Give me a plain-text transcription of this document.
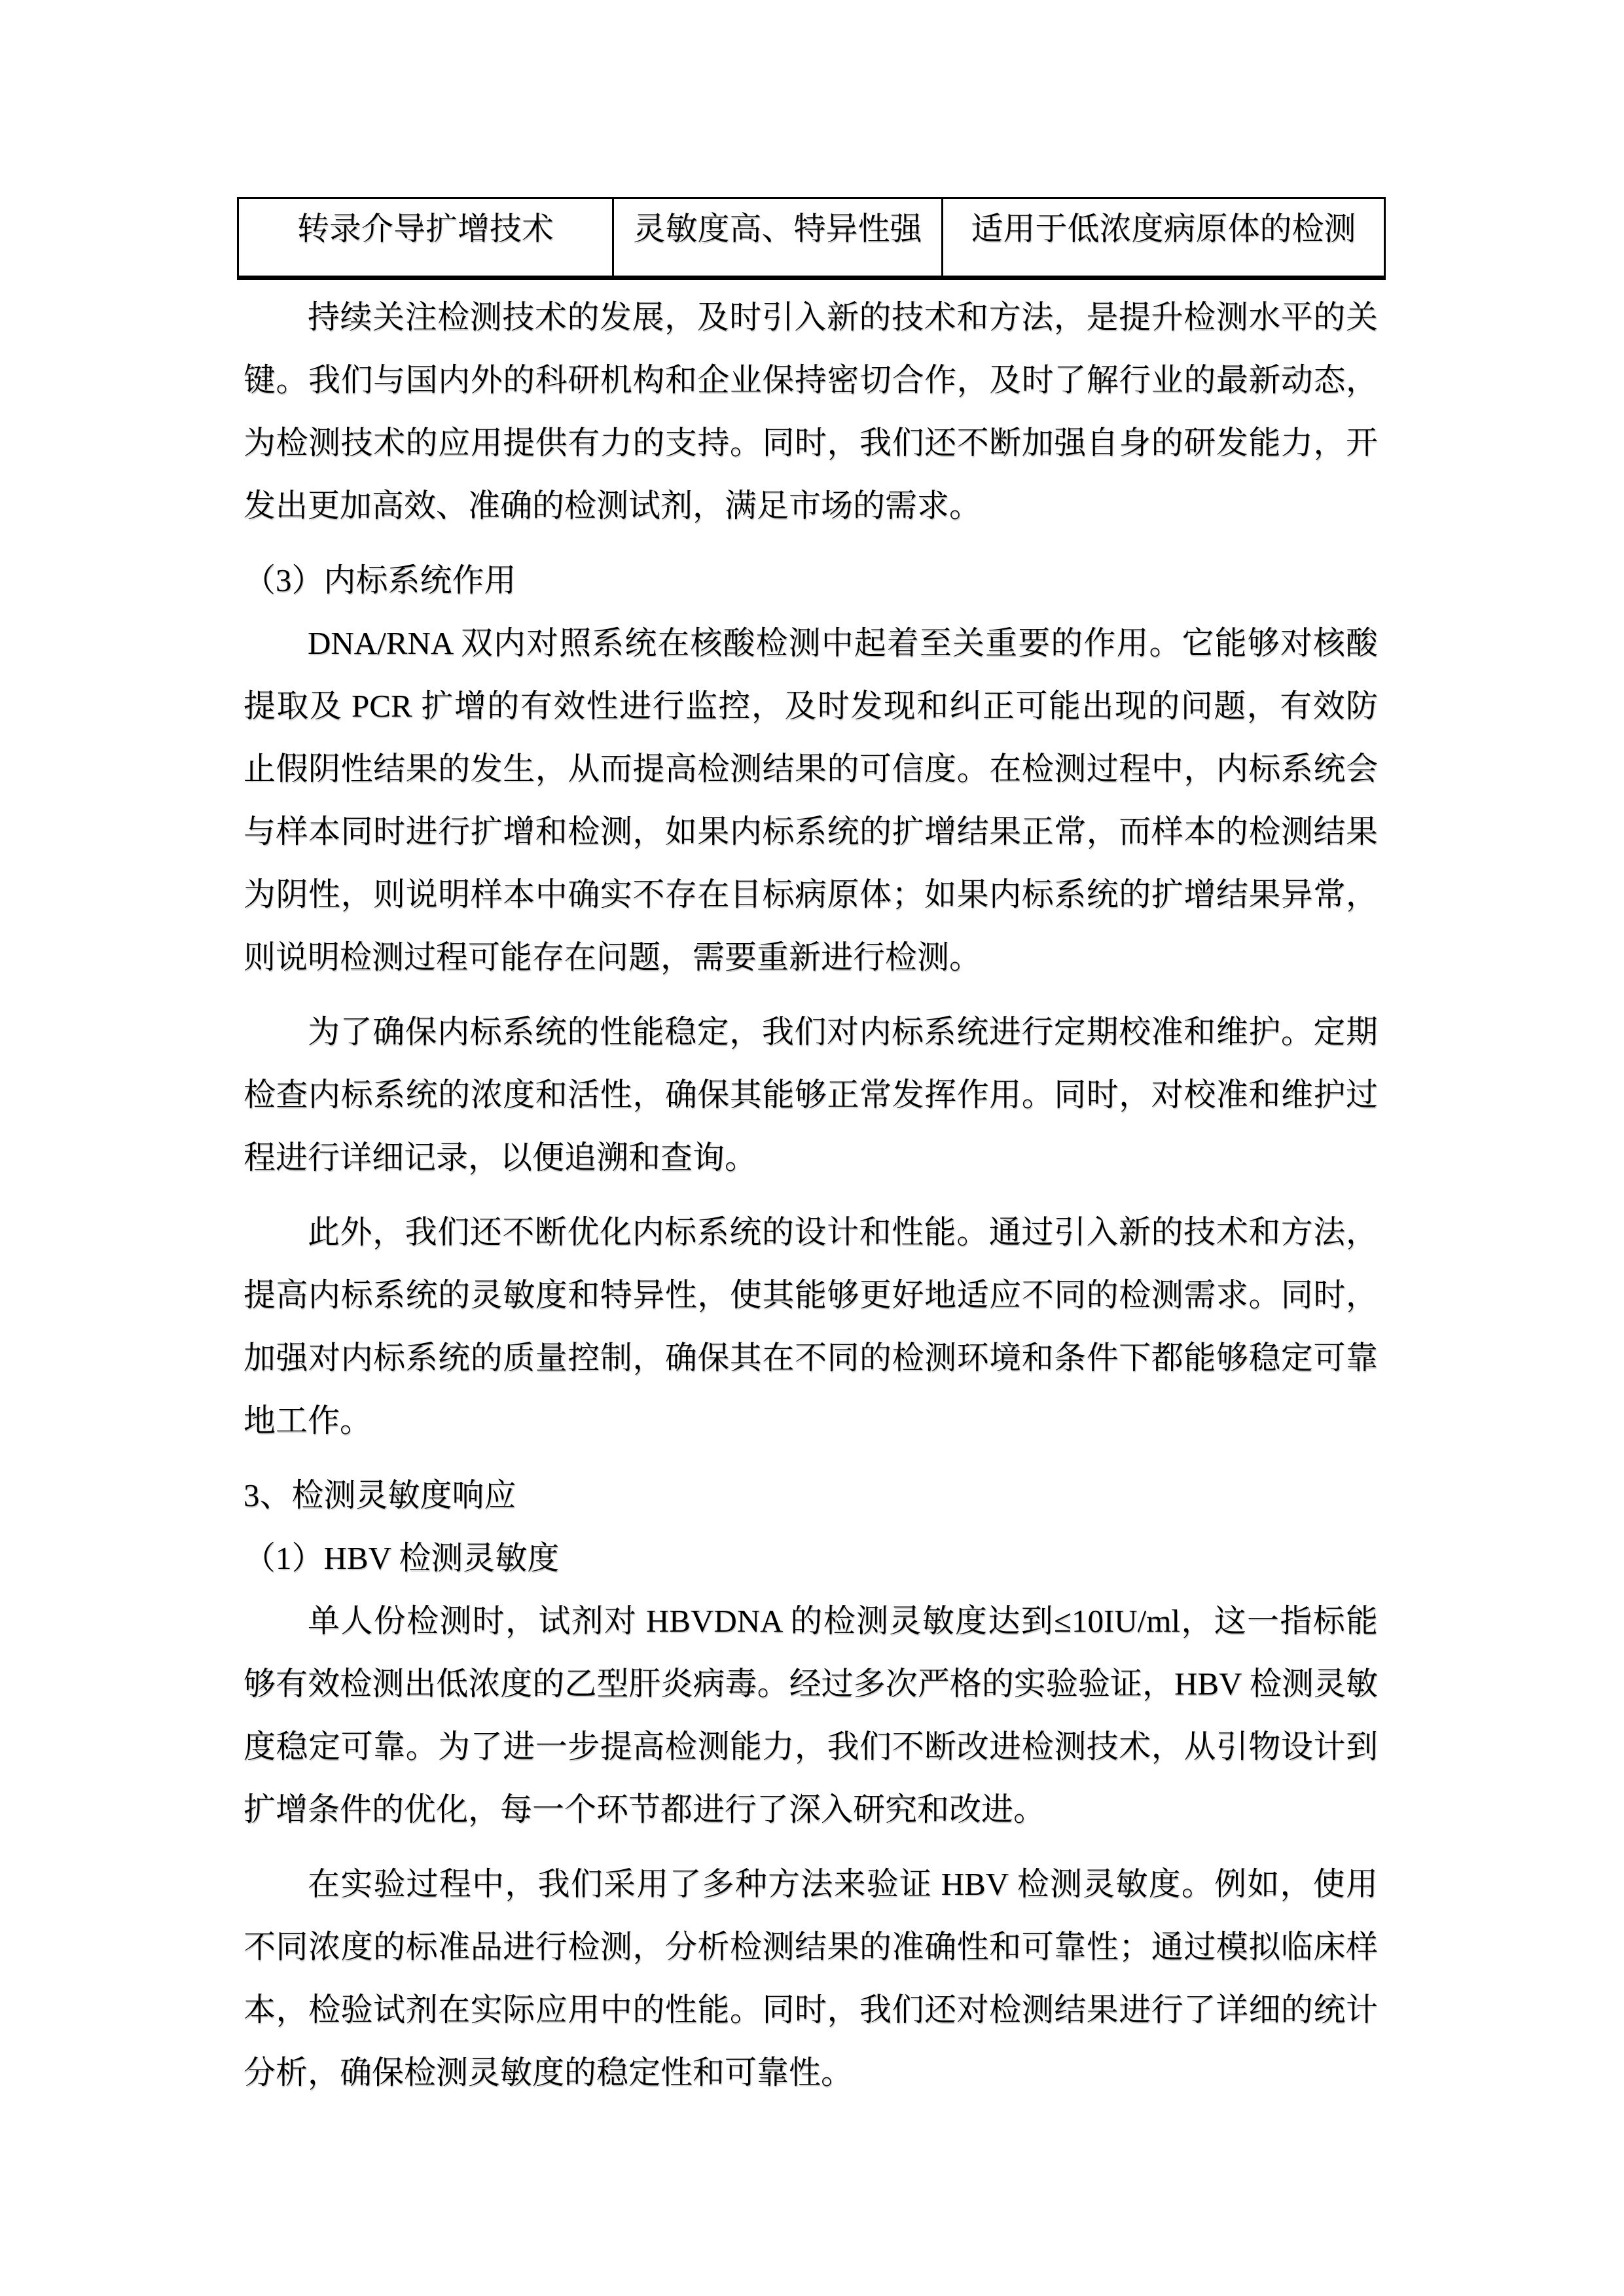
转录介导扩增技术	灵敏度高、特异性强	适用于低浓度病原体的检测

持续关注检测技术的发展，及时引入新的技术和方法，是提升检测水平的关键。我们与国内外的科研机构和企业保持密切合作，及时了解行业的最新动态，为检测技术的应用提供有力的支持。同时，我们还不断加强自身的研发能力，开发出更加高效、准确的检测试剂，满足市场的需求。

（3）内标系统作用

DNA/RNA 双内对照系统在核酸检测中起着至关重要的作用。它能够对核酸提取及 PCR 扩增的有效性进行监控，及时发现和纠正可能出现的问题，有效防止假阴性结果的发生，从而提高检测结果的可信度。在检测过程中，内标系统会与样本同时进行扩增和检测，如果内标系统的扩增结果正常，而样本的检测结果为阴性，则说明样本中确实不存在目标病原体；如果内标系统的扩增结果异常，则说明检测过程可能存在问题，需要重新进行检测。

为了确保内标系统的性能稳定，我们对内标系统进行定期校准和维护。定期检查内标系统的浓度和活性，确保其能够正常发挥作用。同时，对校准和维护过程进行详细记录，以便追溯和查询。

此外，我们还不断优化内标系统的设计和性能。通过引入新的技术和方法，提高内标系统的灵敏度和特异性，使其能够更好地适应不同的检测需求。同时，加强对内标系统的质量控制，确保其在不同的检测环境和条件下都能够稳定可靠地工作。

3、检测灵敏度响应

（1）HBV 检测灵敏度

单人份检测时，试剂对 HBVDNA 的检测灵敏度达到≤10IU/ml，这一指标能够有效检测出低浓度的乙型肝炎病毒。经过多次严格的实验验证，HBV 检测灵敏度稳定可靠。为了进一步提高检测能力，我们不断改进检测技术，从引物设计到扩增条件的优化，每一个环节都进行了深入研究和改进。

在实验过程中，我们采用了多种方法来验证 HBV 检测灵敏度。例如，使用不同浓度的标准品进行检测，分析检测结果的准确性和可靠性；通过模拟临床样本，检验试剂在实际应用中的性能。同时，我们还对检测结果进行了详细的统计分析，确保检测灵敏度的稳定性和可靠性。
